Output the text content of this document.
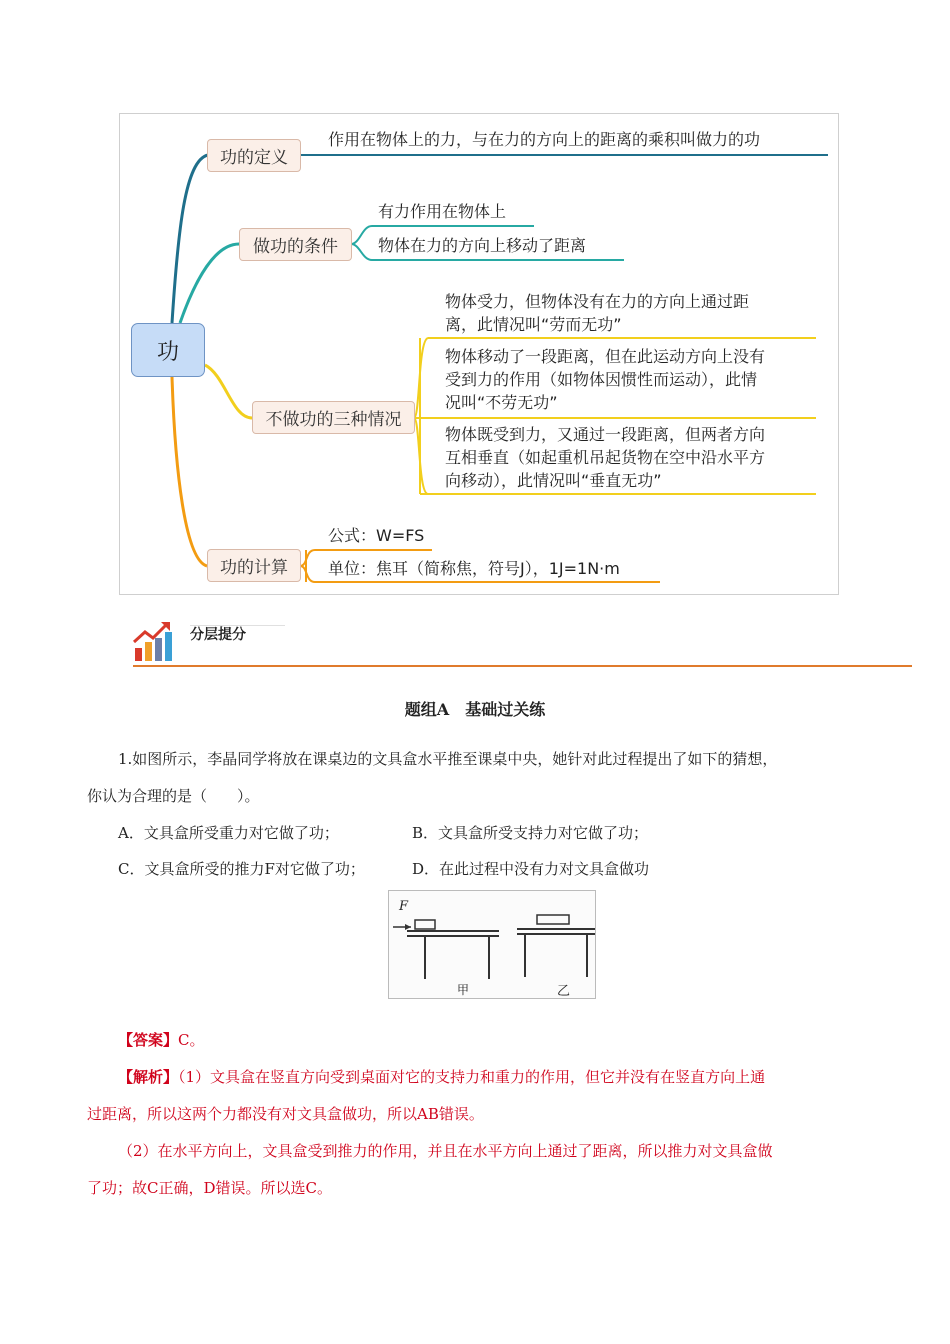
功
功的定义
作用在物体上的力，与在力的方向上的距离的乘积叫做力的功
做功的条件
有力作用在物体上
物体在力的方向上移动了距离
不做功的三种情况
物体受力，但物体没有在力的方向上通过距
离，此情况叫“劳而无功”
物体移动了一段距离，但在此运动方向上没有
受到力的作用（如物体因惯性而运动），此情
况叫“不劳无功”
物体既受到力，又通过一段距离，但两者方向
互相垂直（如起重机吊起货物在空中沿水平方
向移动），此情况叫“垂直无功”
功的计算
公式：W=FS
单位：焦耳（简称焦，符号J），1J=1N·m
分层提分
题组A　基础过关练
1.如图所示，李晶同学将放在课桌边的文具盒水平推至课桌中央，她针对此过程提出了如下的猜想，
你认为合理的是（　　）。
A．文具盒所受重力对它做了功；	B．文具盒所受支持力对它做了功；
C．文具盒所受的推力F对它做了功；	D．在此过程中没有力对文具盒做功
F
甲	乙
【答案】C。
【解析】（1）文具盒在竖直方向受到桌面对它的支持力和重力的作用，但它并没有在竖直方向上通
过距离，所以这两个力都没有对文具盒做功，所以AB错误。
（2）在水平方向上，文具盒受到推力的作用，并且在水平方向上通过了距离，所以推力对文具盒做
了功；故C正确，D错误。所以选C。
